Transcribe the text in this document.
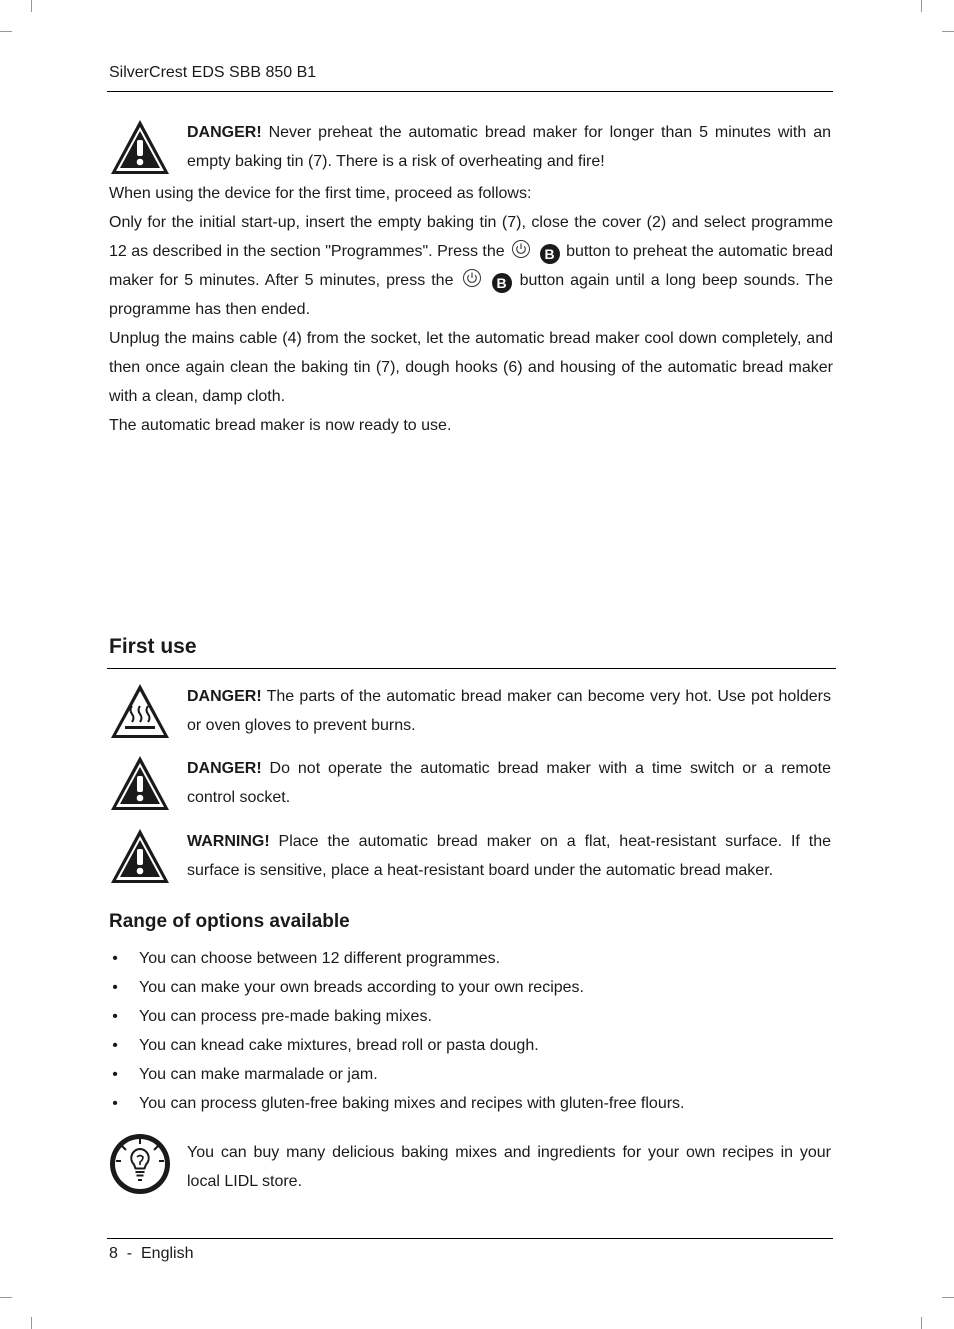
SilverCrest EDS SBB 850 B1
DANGER! Never preheat the automatic bread maker for longer than 5 minutes with an empty baking tin (7). There is a risk of overheating and fire!

When using the device for the first time, proceed as follows:

Only for the initial start-up, insert the empty baking tin (7), close the cover (2) and select programme 12 as described in the section "Programmes". Press the	B button to preheat the automatic bread maker for 5 minutes. After 5 minutes, press the	B button again until a long beep sounds. The programme has then ended.

Unplug the mains cable (4) from the socket, let the automatic bread maker cool down completely, and then once again clean the baking tin (7), dough hooks (6) and housing of the automatic bread maker with a clean, damp cloth.

The automatic bread maker is now ready to use.

First use
DANGER! The parts of the automatic bread maker can become very hot. Use pot holders or oven gloves to prevent burns.
DANGER! Do not operate the automatic bread maker with a time switch or a remote control socket.
WARNING! Place the automatic bread maker on a flat, heat-resistant surface. If the surface is sensitive, place a heat-resistant board under the automatic bread maker.
Range of options available
• You can choose between 12 different programmes.
• You can make your own breads according to your own recipes.
• You can process pre-made baking mixes.
• You can knead cake mixtures, bread roll or pasta dough.
• You can make marmalade or jam.
• You can process gluten-free baking mixes and recipes with gluten-free flours.
You can buy many delicious baking mixes and ingredients for your own recipes in your local LIDL store.
8  -  English
